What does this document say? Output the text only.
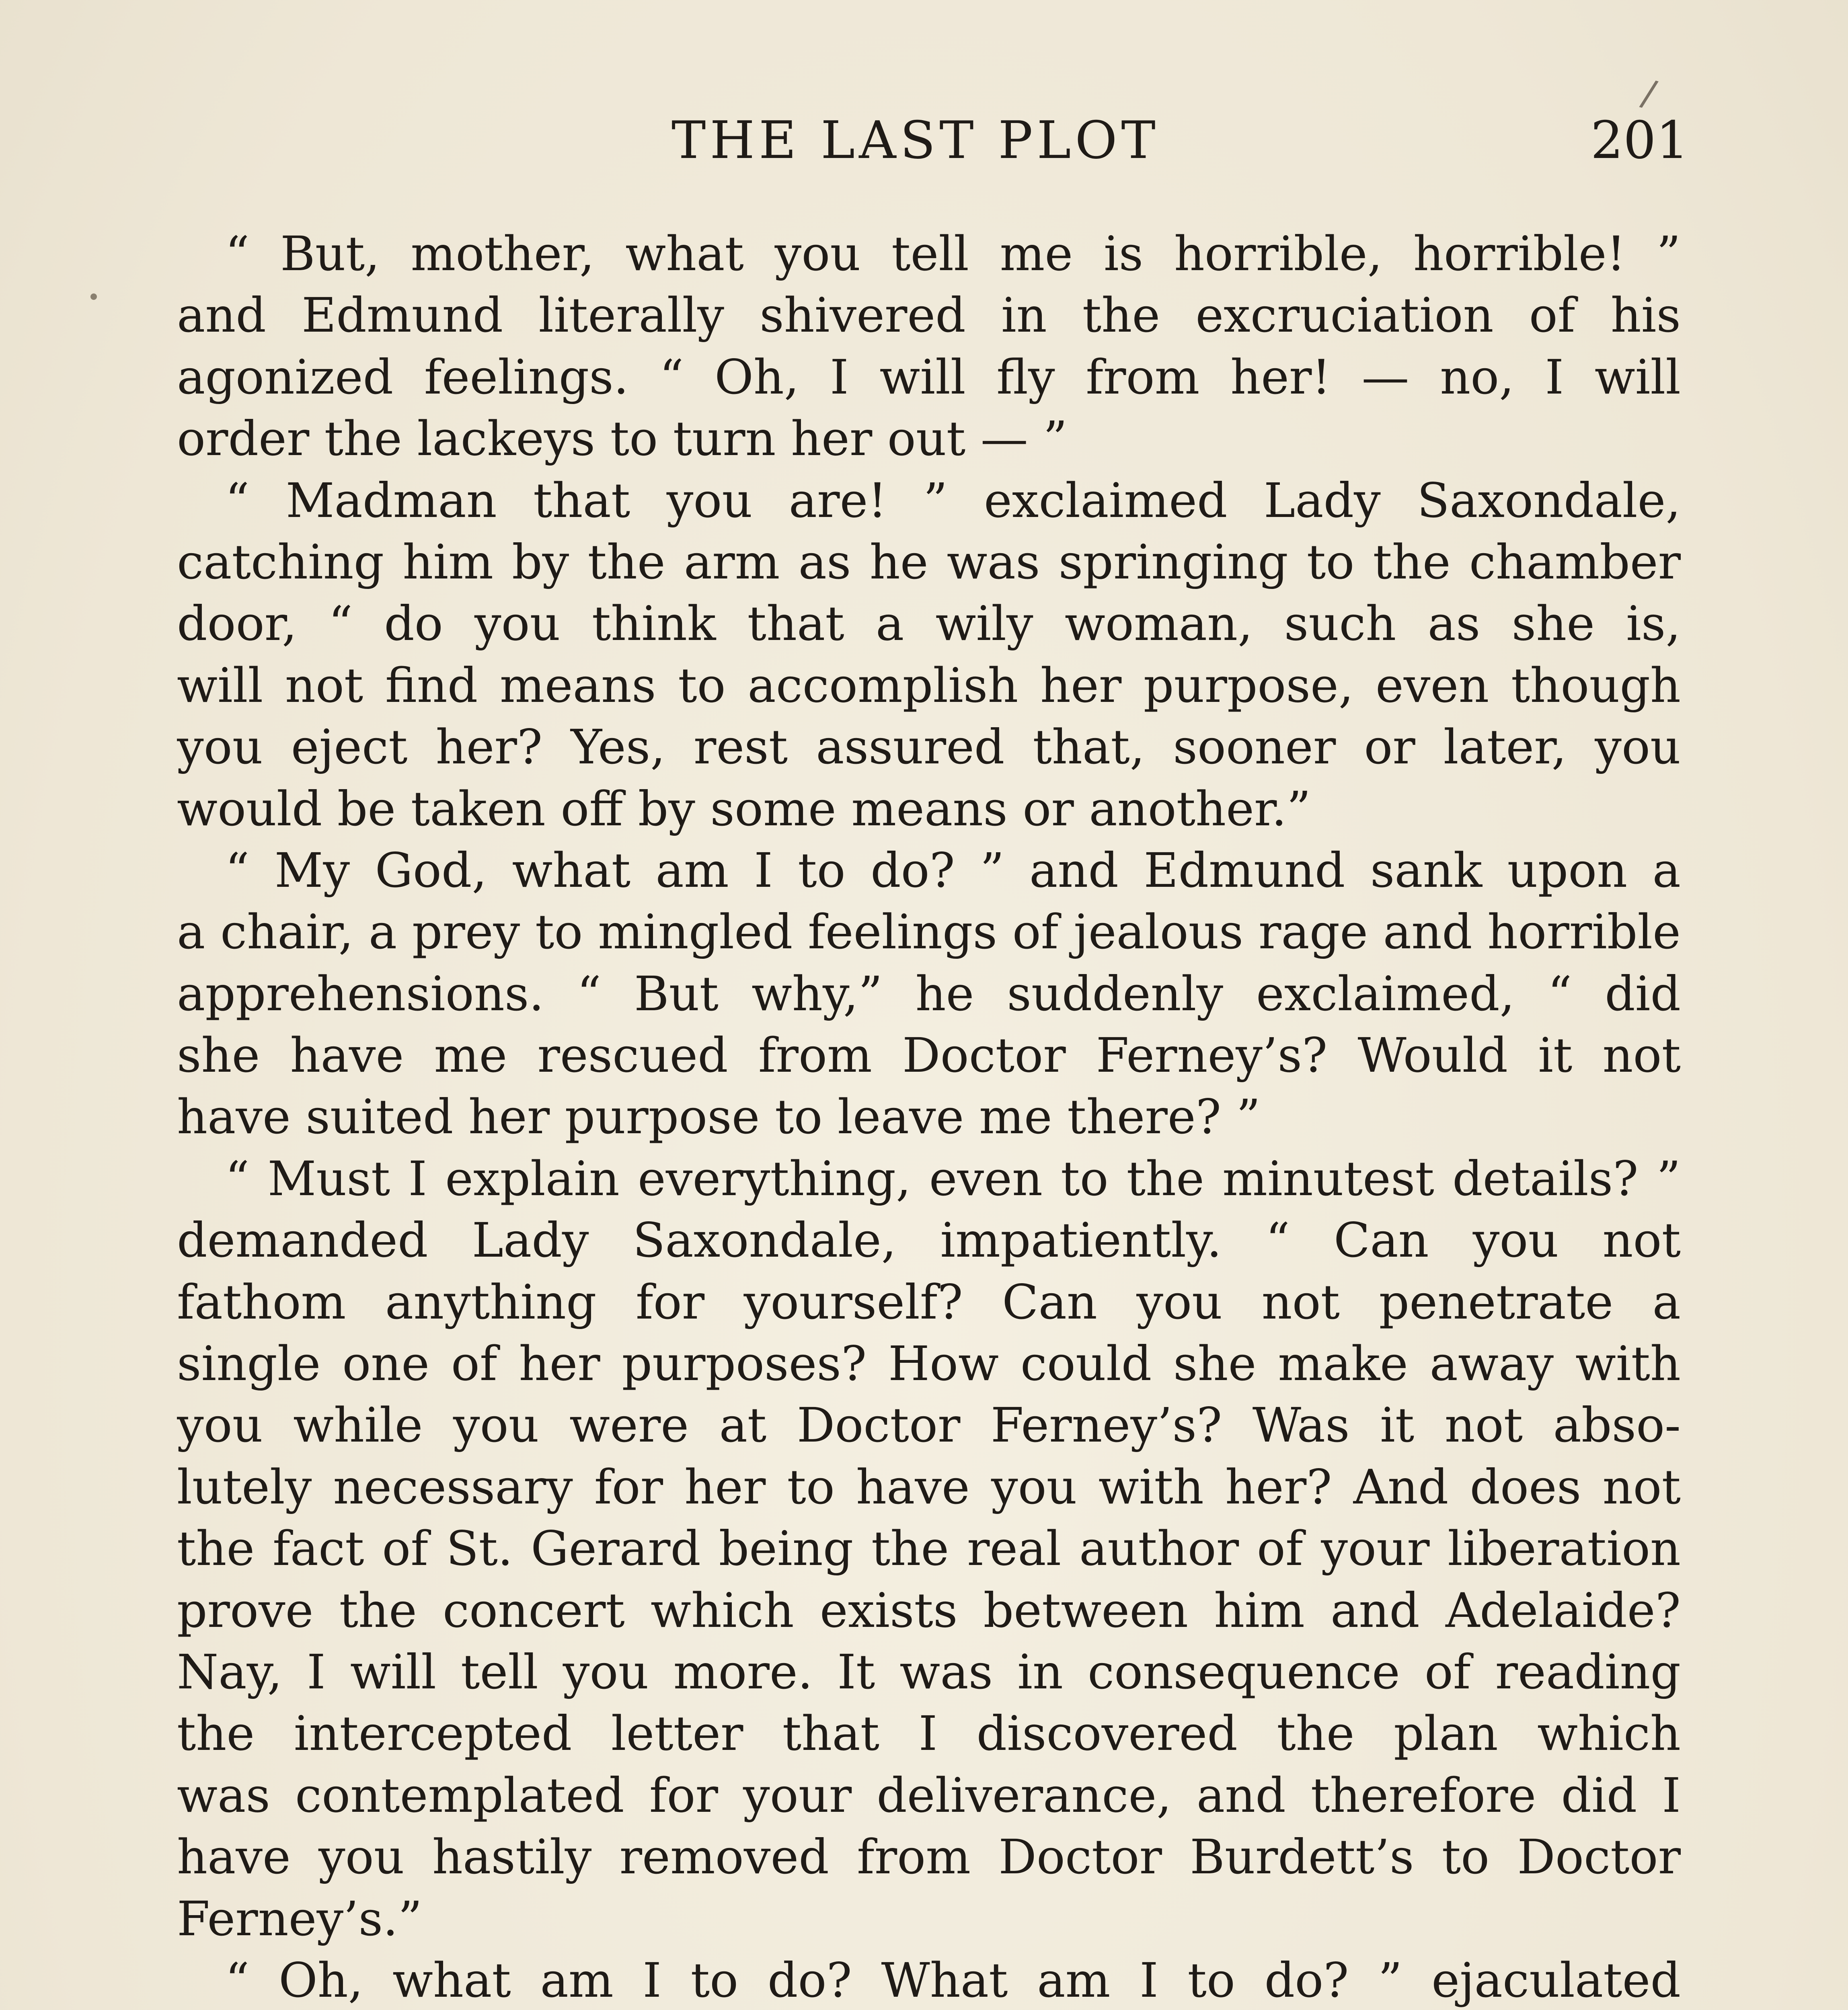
/
THE LAST PLOT	201
“ But, mother, what you tell me is horrible, horrible! ”
and Edmund literally shivered in the excruciation of his
agonized feelings. “ Oh, I will fly from her! — no, I will
order the lackeys to turn her out — ”
“ Madman that you are! ” exclaimed Lady Saxondale,
catching him by the arm as he was springing to the chamber
door, “ do you think that a wily woman, such as she is,
will not find means to accomplish her purpose, even though
you eject her? Yes, rest assured that, sooner or later, you
would be taken off by some means or another.”
“ My God, what am I to do? ” and Edmund sank upon a
a chair, a prey to mingled feelings of jealous rage and horrible
apprehensions. “ But why,” he suddenly exclaimed, “ did
she have me rescued from Doctor Ferney’s? Would it not
have suited her purpose to leave me there? ”
“ Must I explain everything, even to the minutest details? ”
demanded Lady Saxondale, impatiently. “ Can you not
fathom anything for yourself? Can you not penetrate a
single one of her purposes? How could she make away with
you while you were at Doctor Ferney’s? Was it not abso-
lutely necessary for her to have you with her? And does not
the fact of St. Gerard being the real author of your liberation
prove the concert which exists between him and Adelaide?
Nay, I will tell you more. It was in consequence of reading
the intercepted letter that I discovered the plan which
was contemplated for your deliverance, and therefore did I
have you hastily removed from Doctor Burdett’s to Doctor
Ferney’s.”
“ Oh, what am I to do? What am I to do? ” ejaculated
